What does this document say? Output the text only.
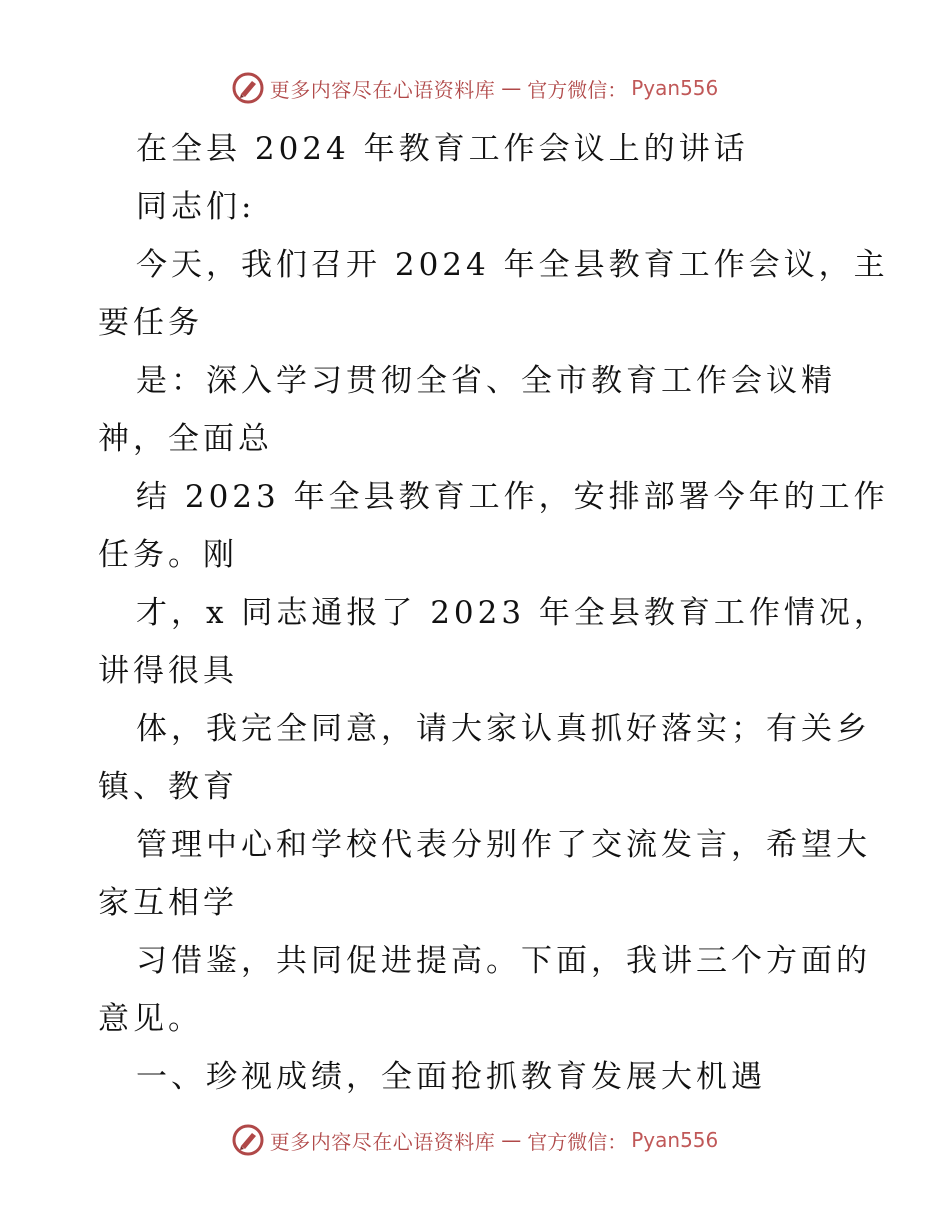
更多内容尽在心语资料库 — 官方微信： Pyan556
在全县 2024 年教育工作会议上的讲话
同志们:
今天，我们召开 2024 年全县教育工作会议，主
要任务
是：深入学习贯彻全省、全市教育工作会议精
神，全面总
结 2023 年全县教育工作，安排部署今年的工作
任务。刚
才，x 同志通报了 2023 年全县教育工作情况，
讲得很具
体，我完全同意，请大家认真抓好落实；有关乡
镇、教育
管理中心和学校代表分别作了交流发言，希望大
家互相学
习借鉴，共同促进提高。下面，我讲三个方面的
意见。
一、珍视成绩，全面抢抓教育发展大机遇
更多内容尽在心语资料库 — 官方微信： Pyan556
